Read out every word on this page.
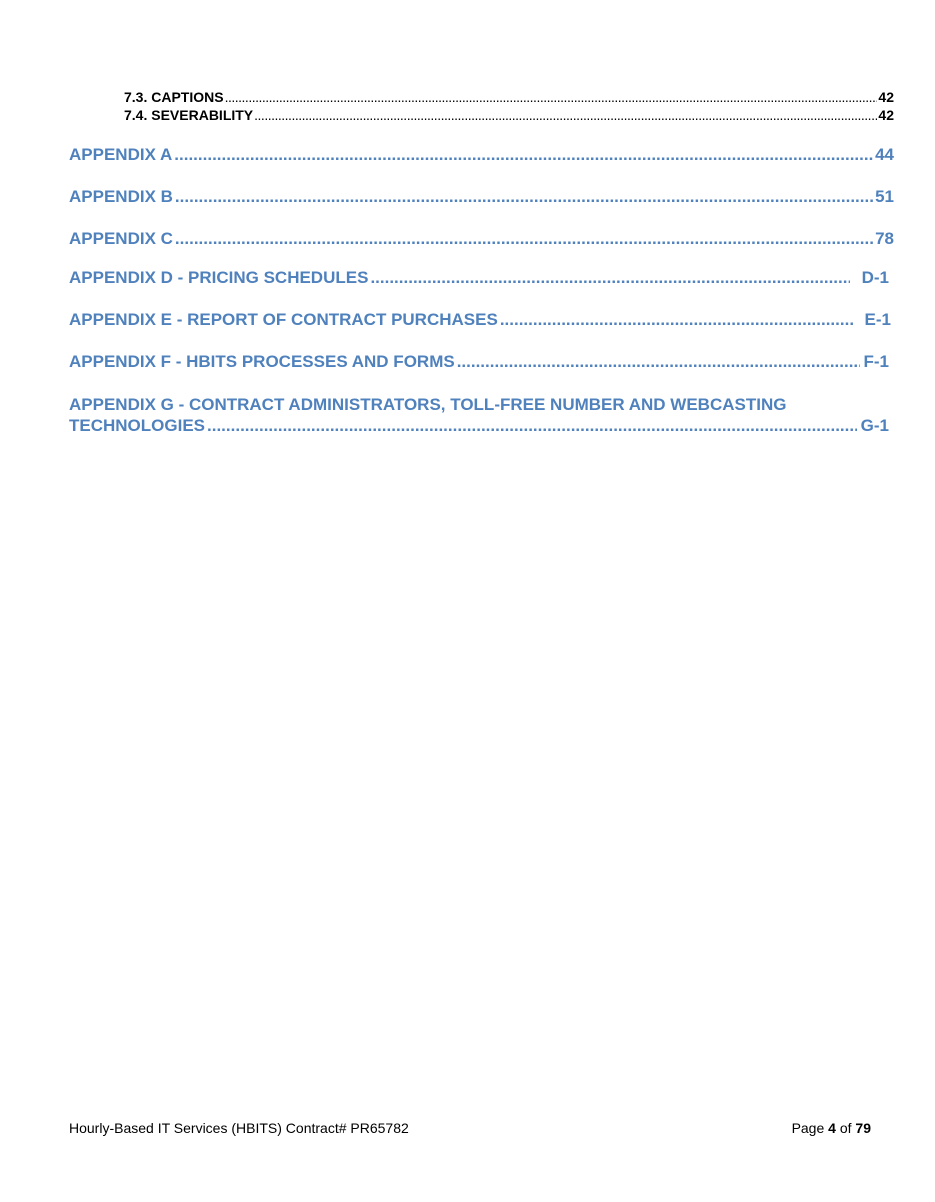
7.3. CAPTIONS .....	42
7.4. SEVERABILITY .....	42
APPENDIX A .....	44
APPENDIX B .....	51
APPENDIX C .....	78
APPENDIX D - PRICING SCHEDULES .....	D-1
APPENDIX E - REPORT OF CONTRACT PURCHASES .....	E-1
APPENDIX F - HBITS PROCESSES AND FORMS .....	F-1
APPENDIX G - CONTRACT ADMINISTRATORS, TOLL-FREE NUMBER AND WEBCASTING
TECHNOLOGIES .....	G-1
Hourly-Based IT Services (HBITS) Contract# PR65782	Page 4 of 79
